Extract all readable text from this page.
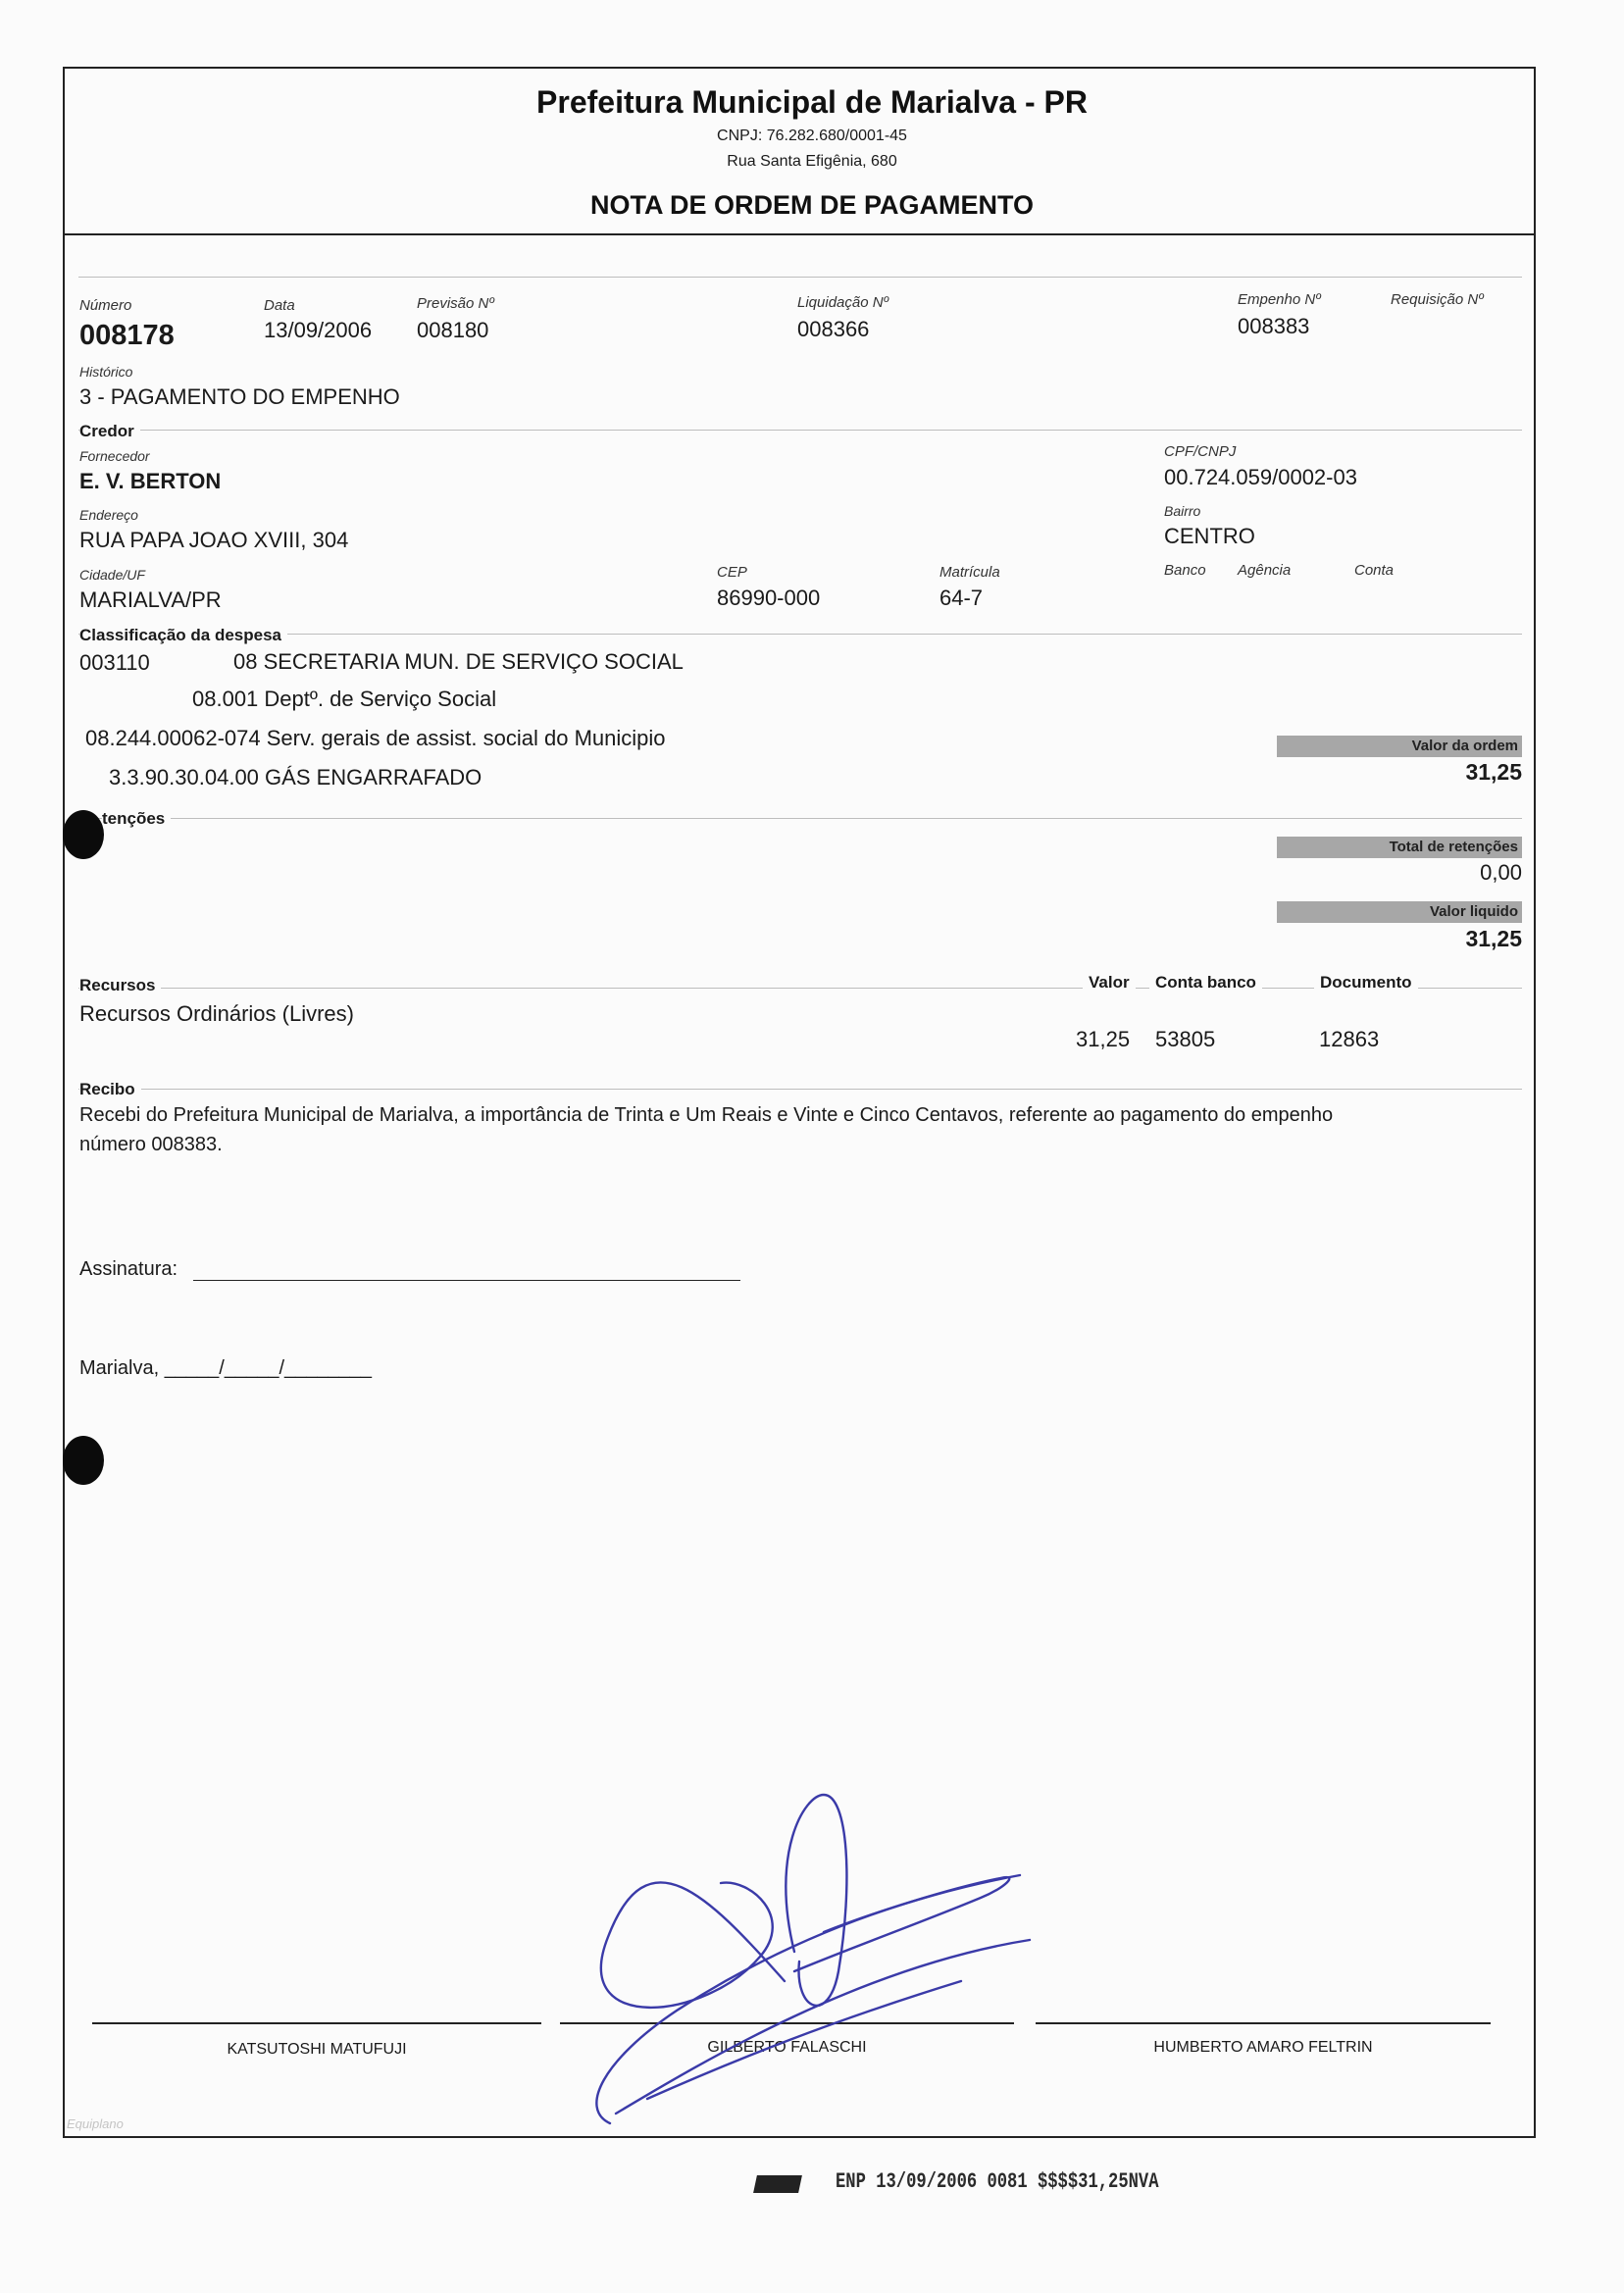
Prefeitura Municipal de Marialva - PR
CNPJ: 76.282.680/0001-45
Rua Santa Efigênia, 680
NOTA DE ORDEM DE PAGAMENTO
Número
008178
Data
13/09/2006
Previsão Nº
008180
Liquidação Nº
008366
Empenho Nº
008383
Requisição Nº
Histórico
3 - PAGAMENTO DO EMPENHO
Credor
Fornecedor
E. V. BERTON
CPF/CNPJ
00.724.059/0002-03
Endereço
RUA PAPA JOAO XVIII, 304
Bairro
CENTRO
Cidade/UF
MARIALVA/PR
CEP
86990-000
Matrícula
64-7
Banco Agência	Conta
Classificação da despesa
003110	08 SECRETARIA MUN. DE SERVIÇO SOCIAL
08.001 Deptº. de Serviço Social
08.244.00062-074 Serv. gerais de assist. social do Municipio
3.3.90.30.04.00 GÁS ENGARRAFADO
Valor da ordem
31,25
tenções
Total de retenções
0,00
Valor liquido
31,25
Recursos	Valor	Conta banco	Documento
Recursos Ordinários (Livres)
31,25 53805	12863
Recibo
Recebi do Prefeitura Municipal de Marialva, a importância de Trinta e Um Reais e Vinte e Cinco Centavos, referente ao pagamento do empenho
número 008383.
Assinatura:
Marialva, _____/_____/________
KATSUTOSHI MATUFUJI	GILBERTO FALASCHI	HUMBERTO AMARO FELTRIN
Equiplano
ENP 13/09/2006 0081 $$$$31,25NVA
